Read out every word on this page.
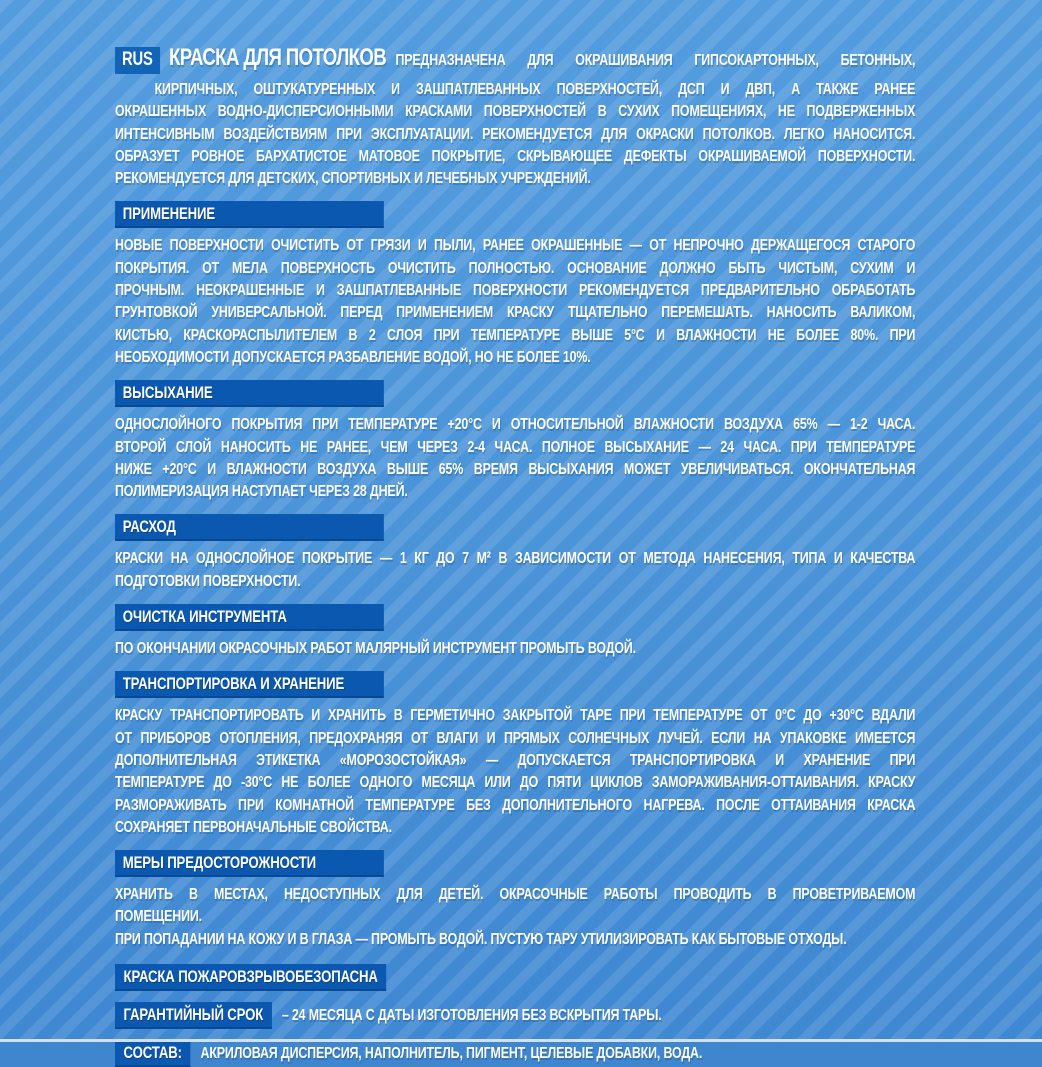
RUS КРАСКА ДЛЯ ПОТОЛКОВ ПРЕДНАЗНАЧЕНА ДЛЯ ОКРАШИВАНИЯ ГИПСОКАРТОННЫХ, БЕТОННЫХ,
КИРПИЧНЫХ, ОШТУКАТУРЕННЫХ И ЗАШПАТЛЕВАННЫХ ПОВЕРХНОСТЕЙ, ДСП И ДВП, А ТАКЖЕ РАНЕЕ
ОКРАШЕННЫХ ВОДНО-ДИСПЕРСИОННЫМИ КРАСКАМИ ПОВЕРХНОСТЕЙ В СУХИХ ПОМЕЩЕНИЯХ, НЕ ПОДВЕРЖЕННЫХ
ИНТЕНСИВНЫМ ВОЗДЕЙСТВИЯМ ПРИ ЭКСПЛУАТАЦИИ. РЕКОМЕНДУЕТСЯ ДЛЯ ОКРАСКИ ПОТОЛКОВ. ЛЕГКО НАНОСИТСЯ.
ОБРАЗУЕТ РОВНОЕ БАРХАТИСТОЕ МАТОВОЕ ПОКРЫТИЕ, СКРЫВАЮЩЕЕ ДЕФЕКТЫ ОКРАШИВАЕМОЙ ПОВЕРХНОСТИ.
РЕКОМЕНДУЕТСЯ ДЛЯ ДЕТСКИХ, СПОРТИВНЫХ И ЛЕЧЕБНЫХ УЧРЕЖДЕНИЙ.
ПРИМЕНЕНИЕ
НОВЫЕ ПОВЕРХНОСТИ ОЧИСТИТЬ ОТ ГРЯЗИ И ПЫЛИ, РАНЕЕ ОКРАШЕННЫЕ — ОТ НЕПРОЧНО ДЕРЖАЩЕГОСЯ СТАРОГО
ПОКРЫТИЯ. ОТ МЕЛА ПОВЕРХНОСТЬ ОЧИСТИТЬ ПОЛНОСТЬЮ. ОСНОВАНИЕ ДОЛЖНО БЫТЬ ЧИСТЫМ, СУХИМ И
ПРОЧНЫМ. НЕОКРАШЕННЫЕ И ЗАШПАТЛЕВАННЫЕ ПОВЕРХНОСТИ РЕКОМЕНДУЕТСЯ ПРЕДВАРИТЕЛЬНО ОБРАБОТАТЬ
ГРУНТОВКОЙ УНИВЕРСАЛЬНОЙ. ПЕРЕД ПРИМЕНЕНИЕМ КРАСКУ ТЩАТЕЛЬНО ПЕРЕМЕШАТЬ. НАНОСИТЬ ВАЛИКОМ,
КИСТЬЮ, КРАСКОРАСПЫЛИТЕЛЕМ В 2 СЛОЯ ПРИ ТЕМПЕРАТУРЕ ВЫШЕ 5°С И ВЛАЖНОСТИ НЕ БОЛЕЕ 80%. ПРИ
НЕОБХОДИМОСТИ ДОПУСКАЕТСЯ РАЗБАВЛЕНИЕ ВОДОЙ, НО НЕ БОЛЕЕ 10%.
ВЫСЫХАНИЕ
ОДНОСЛОЙНОГО ПОКРЫТИЯ ПРИ ТЕМПЕРАТУРЕ +20°С И ОТНОСИТЕЛЬНОЙ ВЛАЖНОСТИ ВОЗДУХА 65% — 1-2 ЧАСА.
ВТОРОЙ СЛОЙ НАНОСИТЬ НЕ РАНЕЕ, ЧЕМ ЧЕРЕЗ 2-4 ЧАСА. ПОЛНОЕ ВЫСЫХАНИЕ — 24 ЧАСА. ПРИ ТЕМПЕРАТУРЕ
НИЖЕ +20°С И ВЛАЖНОСТИ ВОЗДУХА ВЫШЕ 65% ВРЕМЯ ВЫСЫХАНИЯ МОЖЕТ УВЕЛИЧИВАТЬСЯ. ОКОНЧАТЕЛЬНАЯ
ПОЛИМЕРИЗАЦИЯ НАСТУПАЕТ ЧЕРЕЗ 28 ДНЕЙ.
РАСХОД
КРАСКИ НА ОДНОСЛОЙНОЕ ПОКРЫТИЕ — 1 КГ ДО 7 М² В ЗАВИСИМОСТИ ОТ МЕТОДА НАНЕСЕНИЯ, ТИПА И КАЧЕСТВА
ПОДГОТОВКИ ПОВЕРХНОСТИ.
ОЧИСТКА ИНСТРУМЕНТА
ПО ОКОНЧАНИИ ОКРАСОЧНЫХ РАБОТ МАЛЯРНЫЙ ИНСТРУМЕНТ ПРОМЫТЬ ВОДОЙ.
ТРАНСПОРТИРОВКА И ХРАНЕНИЕ
КРАСКУ ТРАНСПОРТИРОВАТЬ И ХРАНИТЬ В ГЕРМЕТИЧНО ЗАКРЫТОЙ ТАРЕ ПРИ ТЕМПЕРАТУРЕ ОТ 0°С ДО +30°С ВДАЛИ
ОТ ПРИБОРОВ ОТОПЛЕНИЯ, ПРЕДОХРАНЯЯ ОТ ВЛАГИ И ПРЯМЫХ СОЛНЕЧНЫХ ЛУЧЕЙ. ЕСЛИ НА УПАКОВКЕ ИМЕЕТСЯ
ДОПОЛНИТЕЛЬНАЯ ЭТИКЕТКА «МОРОЗОСТОЙКАЯ» — ДОПУСКАЕТСЯ ТРАНСПОРТИРОВКА И ХРАНЕНИЕ ПРИ
ТЕМПЕРАТУРЕ ДО -30°С НЕ БОЛЕЕ ОДНОГО МЕСЯЦА ИЛИ ДО ПЯТИ ЦИКЛОВ ЗАМОРАЖИВАНИЯ-ОТТАИВАНИЯ. КРАСКУ
РАЗМОРАЖИВАТЬ ПРИ КОМНАТНОЙ ТЕМПЕРАТУРЕ БЕЗ ДОПОЛНИТЕЛЬНОГО НАГРЕВА. ПОСЛЕ ОТТАИВАНИЯ КРАСКА
СОХРАНЯЕТ ПЕРВОНАЧАЛЬНЫЕ СВОЙСТВА.
МЕРЫ ПРЕДОСТОРОЖНОСТИ
ХРАНИТЬ В МЕСТАХ, НЕДОСТУПНЫХ ДЛЯ ДЕТЕЙ. ОКРАСОЧНЫЕ РАБОТЫ ПРОВОДИТЬ В ПРОВЕТРИВАЕМОМ
ПОМЕЩЕНИИ.
ПРИ ПОПАДАНИИ НА КОЖУ И В ГЛАЗА — ПРОМЫТЬ ВОДОЙ. ПУСТУЮ ТАРУ УТИЛИЗИРОВАТЬ КАК БЫТОВЫЕ ОТХОДЫ.
КРАСКА ПОЖАРОВЗРЫВОБЕЗОПАСНА
ГАРАНТИЙНЫЙ СРОК	– 24 МЕСЯЦА С ДАТЫ ИЗГОТОВЛЕНИЯ БЕЗ ВСКРЫТИЯ ТАРЫ.
СОСТАВ:	АКРИЛОВАЯ ДИСПЕРСИЯ, НАПОЛНИТЕЛЬ, ПИГМЕНТ, ЦЕЛЕВЫЕ ДОБАВКИ, ВОДА.
